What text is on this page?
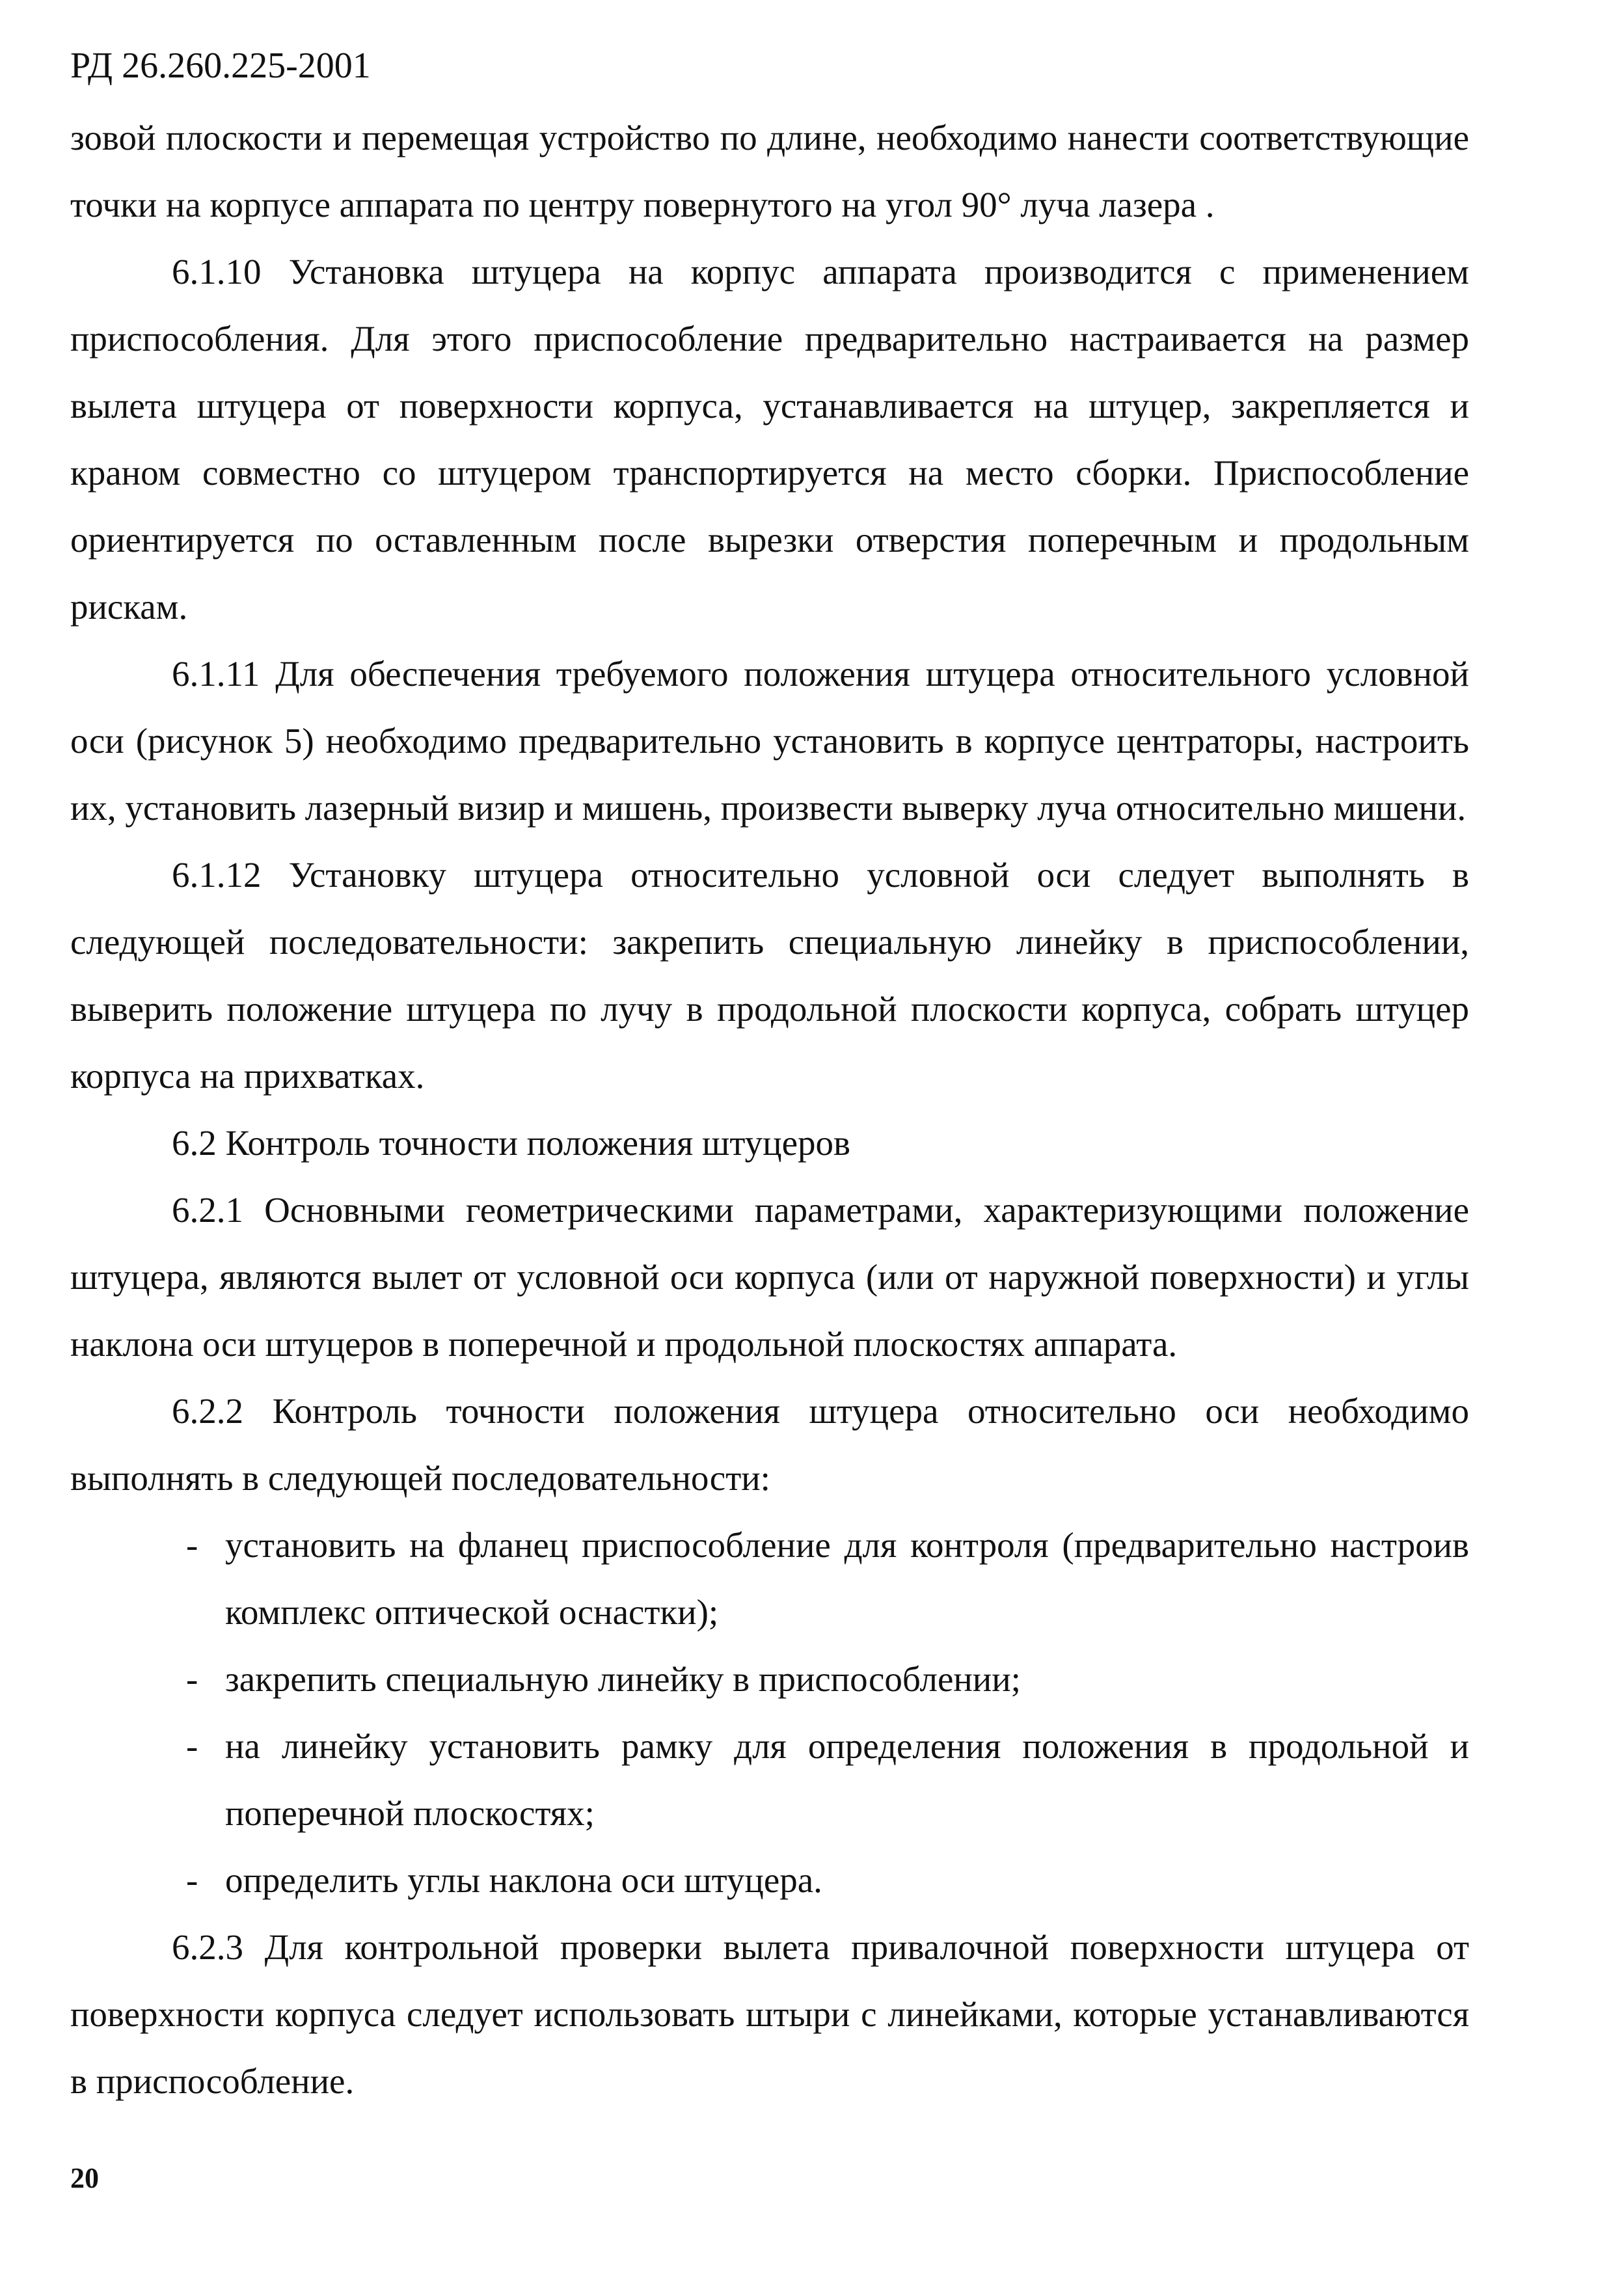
РД 26.260.225-2001

зовой плоскости и перемещая устройство по длине, необходимо нанести соответствующие точки на корпусе аппарата по центру повернутого на угол 90° луча лазера .

6.1.10 Установка штуцера на корпус аппарата производится с применением приспособления. Для этого приспособление предварительно настраивается на размер вылета штуцера от поверхности корпуса, устанавливается на штуцер, закрепляется и краном совместно со штуцером транспортируется на место сборки. Приспособление ориентируется по оставленным после вырезки отверстия поперечным и продольным рискам.

6.1.11 Для обеспечения требуемого положения штуцера относительного условной оси (рисунок 5) необходимо предварительно установить в корпусе центраторы, настроить их, установить лазерный визир и мишень, произвести выверку луча относительно мишени.

6.1.12 Установку штуцера относительно условной оси следует выполнять в следующей последовательности: закрепить специальную линейку в приспособлении, выверить положение штуцера по лучу в продольной плоскости корпуса, собрать штуцер корпуса на прихватках.

6.2 Контроль точности положения штуцеров

6.2.1 Основными геометрическими параметрами, характеризующими положение штуцера, являются вылет от условной оси корпуса (или от наружной поверхности) и углы наклона оси штуцеров в поперечной и продольной плоскостях аппарата.

6.2.2 Контроль точности положения штуцера относительно оси необходимо выполнять в следующей последовательности:

- установить на фланец приспособление для контроля (предварительно настроив комплекс оптической оснастки);
- закрепить специальную линейку в приспособлении;
- на линейку установить рамку для определения положения в продольной и поперечной плоскостях;
- определить углы наклона оси штуцера.

6.2.3 Для контрольной проверки вылета привалочной поверхности штуцера от поверхности корпуса следует использовать штыри с линейками, которые устанавливаются в приспособление.

20
